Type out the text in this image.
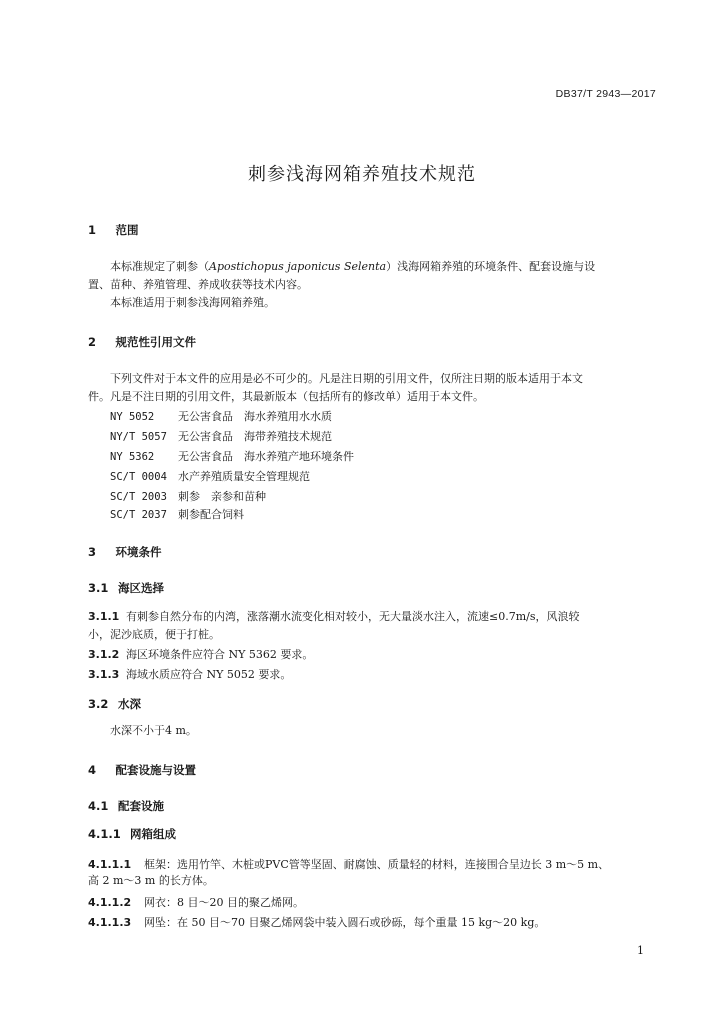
DB37/T 2943—2017
刺参浅海网箱养殖技术规范
1　 范围
本标准规定了刺参（Apostichopus japonicus Selenta）浅海网箱养殖的环境条件、配套设施与设
置、苗种、养殖管理、养成收获等技术内容。
本标准适用于刺参浅海网箱养殖。
2　 规范性引用文件
下列文件对于本文件的应用是必不可少的。凡是注日期的引用文件，仅所注日期的版本适用于本文
件。凡是不注日期的引用文件，其最新版本（包括所有的修改单）适用于本文件。
NY 5052 无公害食品　海水养殖用水水质
NY/T 5057 无公害食品　海带养殖技术规范
NY 5362 无公害食品　海水养殖产地环境条件
SC/T 0004 水产养殖质量安全管理规范
SC/T 2003 刺参　亲参和苗种
SC/T 2037 刺参配合饲料
3　 环境条件
3.1 海区选择
3.1.1 有刺参自然分布的内湾，涨落潮水流变化相对较小，无大量淡水注入，流速≤0.7m/s，风浪较
小，泥沙底质，便于打桩。
3.1.2 海区环境条件应符合 NY 5362 要求。
3.1.3 海域水质应符合 NY 5052 要求。
3.2 水深
水深不小于4 m。
4　 配套设施与设置
4.1 配套设施
4.1.1 网箱组成
4.1.1.1 框架：选用竹竿、木桩或PVC管等坚固、耐腐蚀、质量轻的材料，连接围合呈边长 3 m～5 m、
高 2 m～3 m 的长方体。
4.1.1.2 网衣：8 目～20 目的聚乙烯网。
4.1.1.3 网坠：在 50 目～70 目聚乙烯网袋中装入圆石或砂砾，每个重量 15 kg～20 kg。
1
